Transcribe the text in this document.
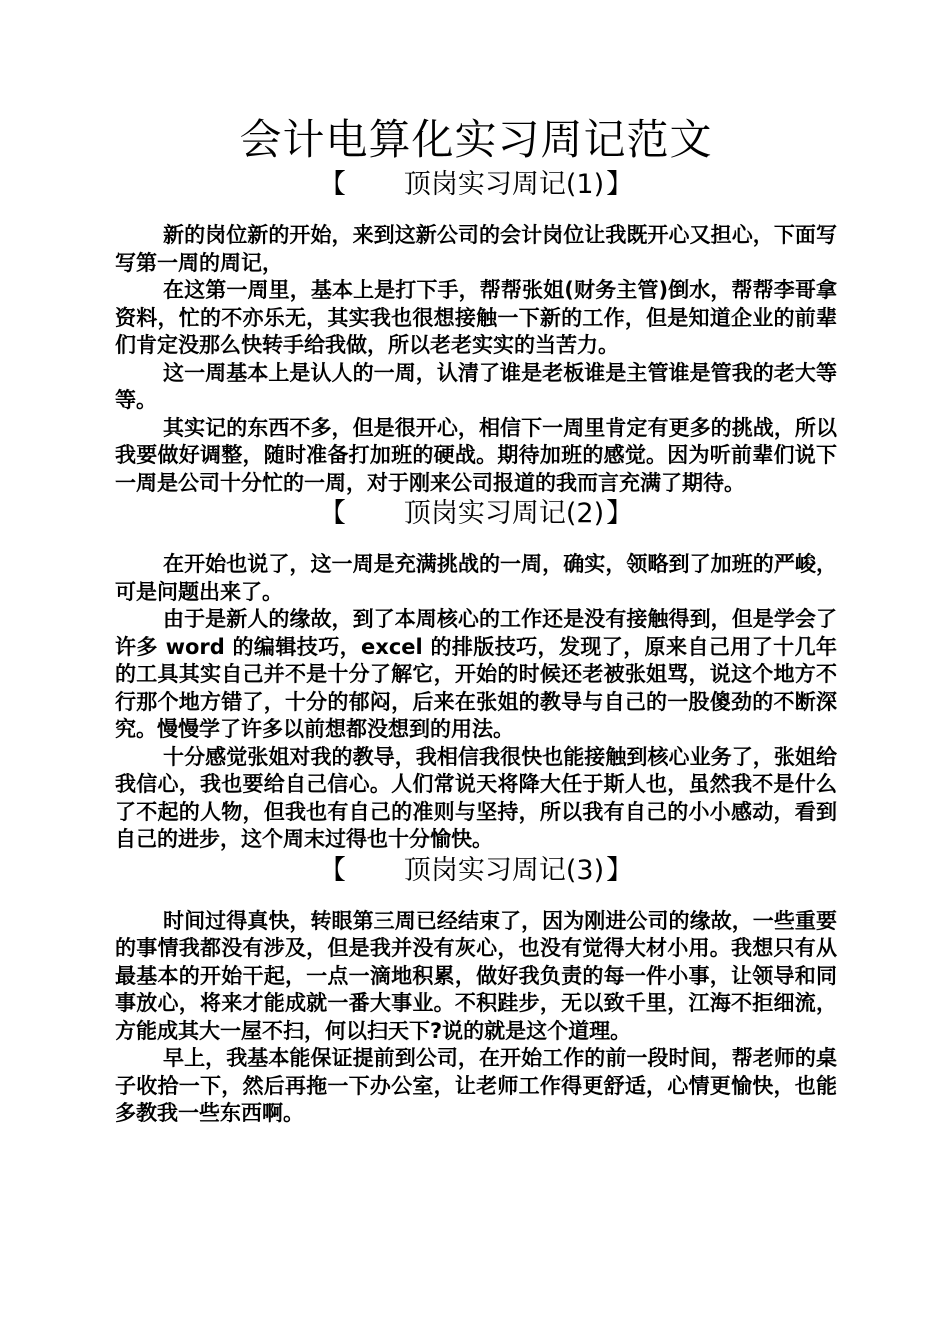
会计电算化实习周记范文
【 顶岗实习周记(1)】

新的岗位新的开始，来到这新公司的会计岗位让我既开心又担心，下面写写第一周的周记，

在这第一周里，基本上是打下手，帮帮张姐(财务主管)倒水，帮帮李哥拿资料，忙的不亦乐无，其实我也很想接触一下新的工作，但是知道企业的前辈们肯定没那么快转手给我做，所以老老实实的当苦力。

这一周基本上是认人的一周，认清了谁是老板谁是主管谁是管我的老大等等。

其实记的东西不多，但是很开心，相信下一周里肯定有更多的挑战，所以我要做好调整，随时准备打加班的硬战。期待加班的感觉。因为听前辈们说下一周是公司十分忙的一周，对于刚来公司报道的我而言充满了期待。

【 顶岗实习周记(2)】

在开始也说了，这一周是充满挑战的一周，确实，领略到了加班的严峻，可是问题出来了。

由于是新人的缘故，到了本周核心的工作还是没有接触得到，但是学会了许多 word 的编辑技巧，excel 的排版技巧，发现了，原来自己用了十几年的工具其实自己并不是十分了解它，开始的时候还老被张姐骂，说这个地方不行那个地方错了，十分的郁闷，后来在张姐的教导与自己的一股傻劲的不断深究。慢慢学了许多以前想都没想到的用法。

十分感觉张姐对我的教导，我相信我很快也能接触到核心业务了，张姐给我信心，我也要给自己信心。人们常说天将降大任于斯人也，虽然我不是什么了不起的人物，但我也有自己的准则与坚持，所以我有自己的小小感动，看到自己的进步，这个周末过得也十分愉快。

【 顶岗实习周记(3)】

时间过得真快，转眼第三周已经结束了，因为刚进公司的缘故，一些重要的事情我都没有涉及，但是我并没有灰心，也没有觉得大材小用。我想只有从最基本的开始干起，一点一滴地积累，做好我负责的每一件小事，让领导和同事放心，将来才能成就一番大事业。不积跬步，无以致千里，江海不拒细流，方能成其大一屋不扫，何以扫天下?说的就是这个道理。

早上，我基本能保证提前到公司，在开始工作的前一段时间，帮老师的桌子收拾一下，然后再拖一下办公室，让老师工作得更舒适，心情更愉快，也能多教我一些东西啊。
